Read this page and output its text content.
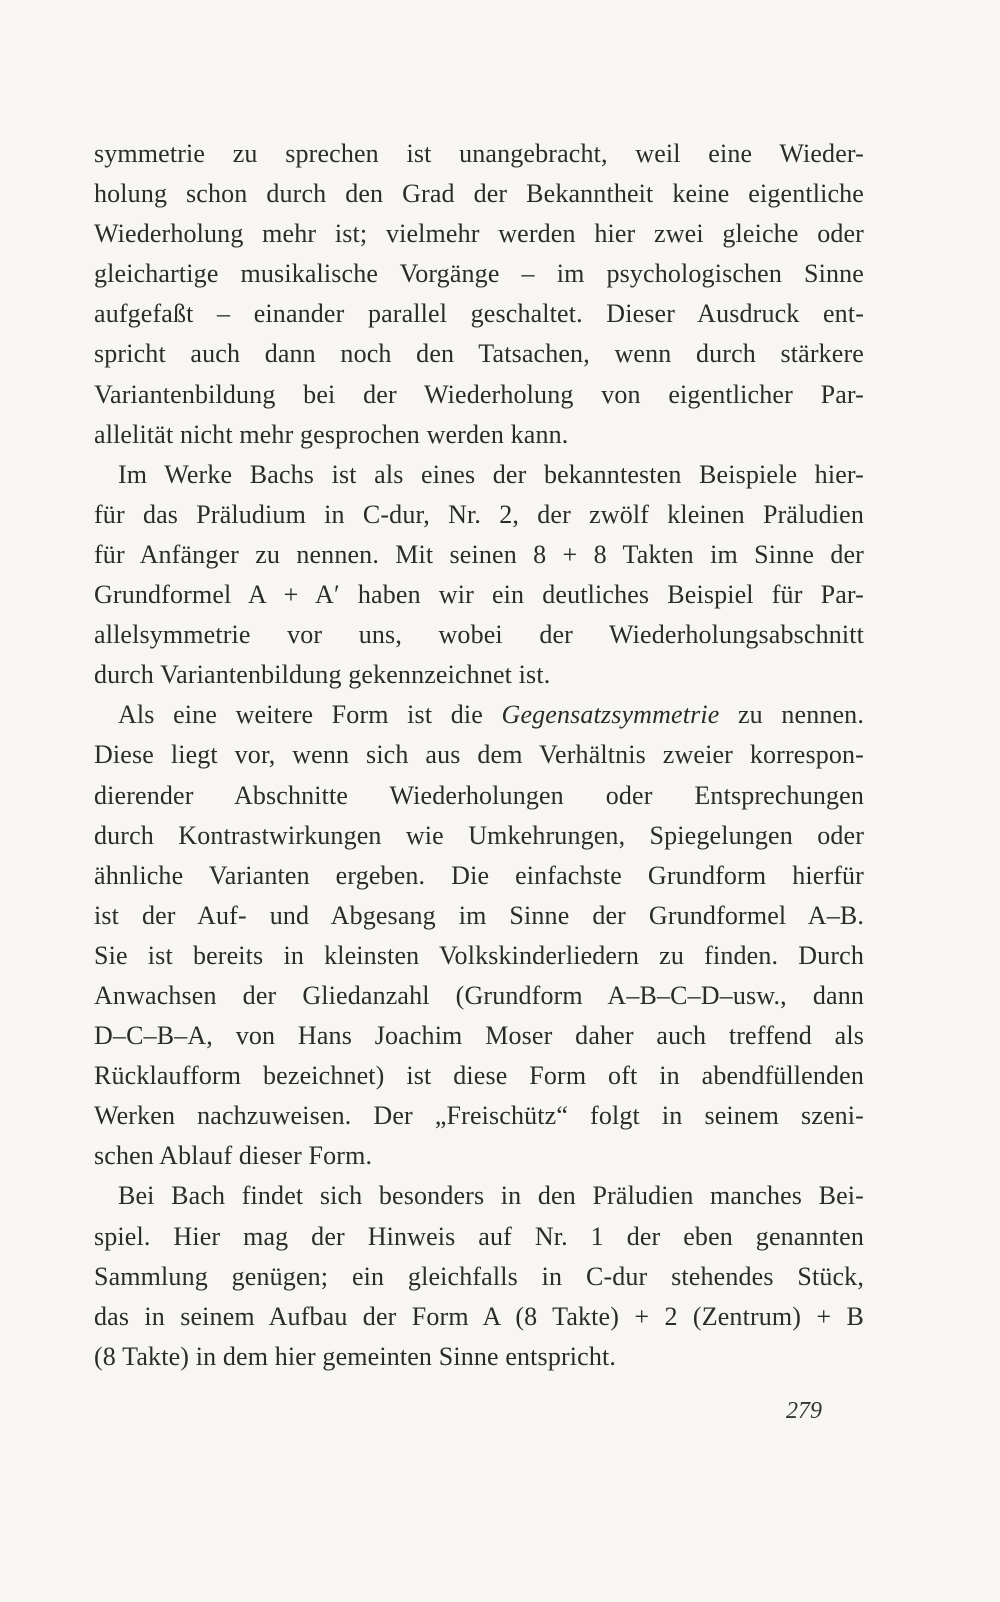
symmetrie zu sprechen ist unangebracht, weil eine Wieder-
holung schon durch den Grad der Bekanntheit keine eigentliche
Wiederholung mehr ist; vielmehr werden hier zwei gleiche oder
gleichartige musikalische Vorgänge – im psychologischen Sinne
aufgefaßt – einander parallel geschaltet. Dieser Ausdruck ent-
spricht auch dann noch den Tatsachen, wenn durch stärkere
Variantenbildung bei der Wiederholung von eigentlicher Par-
allelität nicht mehr gesprochen werden kann.
Im Werke Bachs ist als eines der bekanntesten Beispiele hier-
für das Präludium in C-dur, Nr. 2, der zwölf kleinen Präludien
für Anfänger zu nennen. Mit seinen 8 + 8 Takten im Sinne der
Grundformel A + A′ haben wir ein deutliches Beispiel für Par-
allelsymmetrie vor uns, wobei der Wiederholungsabschnitt
durch Variantenbildung gekennzeichnet ist.
Als eine weitere Form ist die Gegensatzsymmetrie zu nennen.
Diese liegt vor, wenn sich aus dem Verhältnis zweier korrespon-
dierender Abschnitte Wiederholungen oder Entsprechungen
durch Kontrastwirkungen wie Umkehrungen, Spiegelungen oder
ähnliche Varianten ergeben. Die einfachste Grundform hierfür
ist der Auf- und Abgesang im Sinne der Grundformel A–B.
Sie ist bereits in kleinsten Volkskinderliedern zu finden. Durch
Anwachsen der Gliedanzahl (Grundform A–B–C–D–usw., dann
D–C–B–A, von Hans Joachim Moser daher auch treffend als
Rücklaufform bezeichnet) ist diese Form oft in abendfüllenden
Werken nachzuweisen. Der „Freischütz“ folgt in seinem szeni-
schen Ablauf dieser Form.
Bei Bach findet sich besonders in den Präludien manches Bei-
spiel. Hier mag der Hinweis auf Nr. 1 der eben genannten
Sammlung genügen; ein gleichfalls in C-dur stehendes Stück,
das in seinem Aufbau der Form A (8 Takte) + 2 (Zentrum) + B
(8 Takte) in dem hier gemeinten Sinne entspricht.
279
